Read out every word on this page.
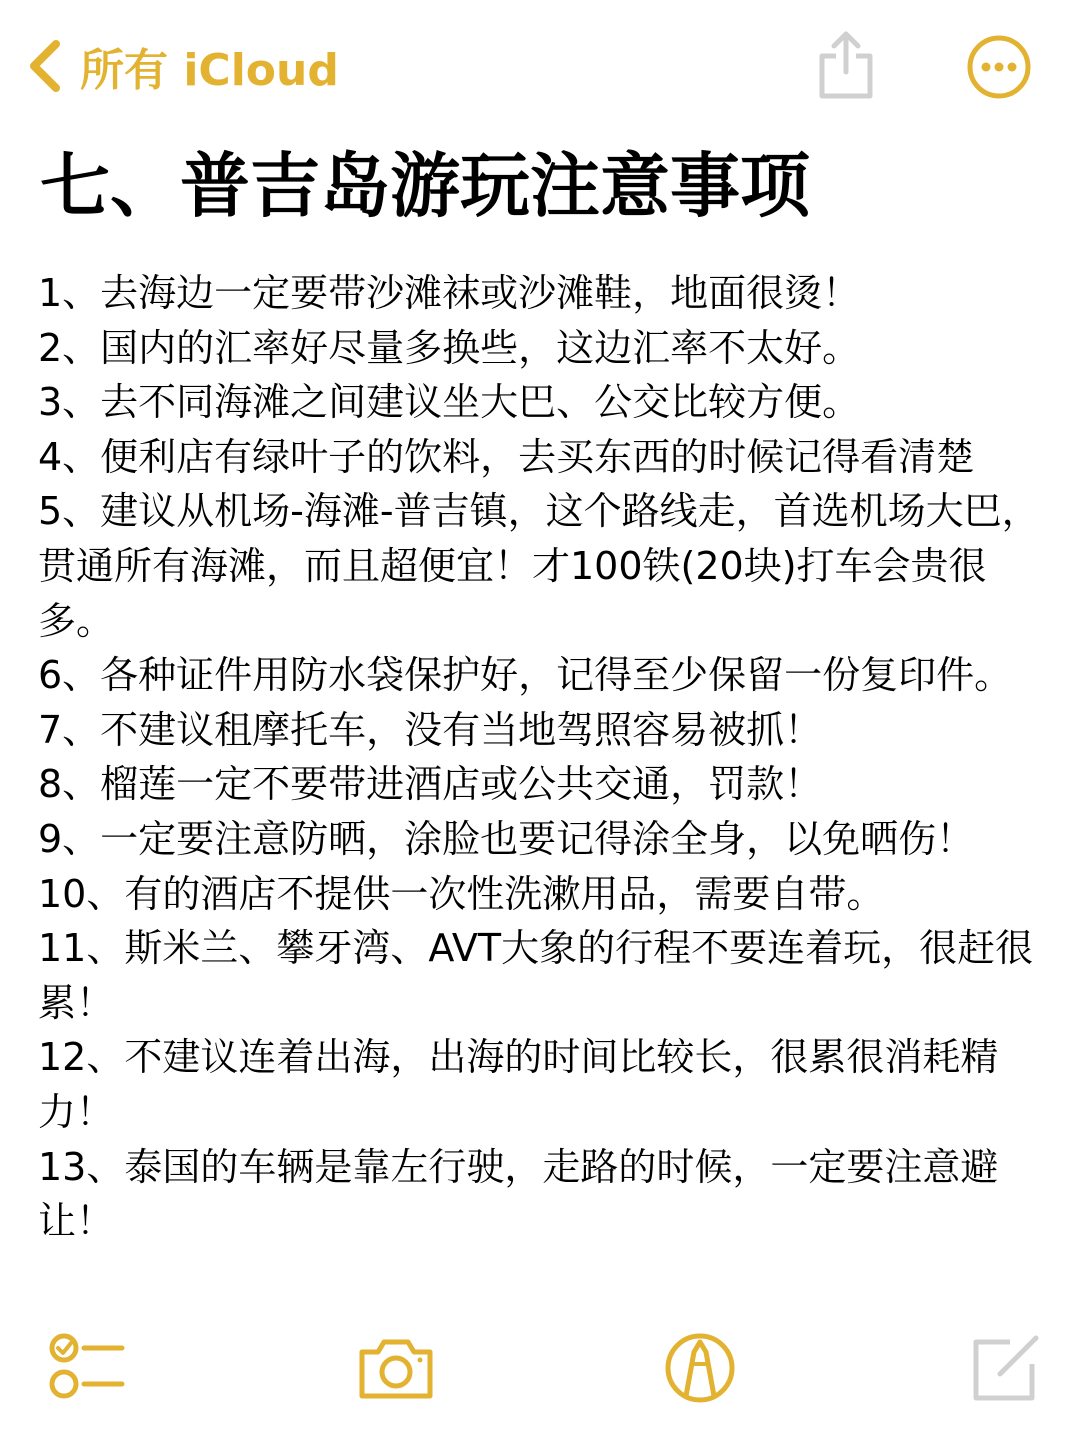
所有 iCloud
七、普吉岛游玩注意事项

1、去海边一定要带沙滩袜或沙滩鞋，地面很烫！

2、国内的汇率好尽量多换些，这边汇率不太好。

3、去不同海滩之间建议坐大巴、公交比较方便。

4、便利店有绿叶子的饮料，去买东西的时候记得看清楚

5、建议从机场-海滩-普吉镇，这个路线走，首选机场大巴，贯通所有海滩，而且超便宜！才100铁(20块)打车会贵很多。

6、各种证件用防水袋保护好，记得至少保留一份复印件。

7、不建议租摩托车，没有当地驾照容易被抓！

8、榴莲一定不要带进酒店或公共交通，罚款！

9、一定要注意防晒，涂脸也要记得涂全身，以免晒伤！

10、有的酒店不提供一次性洗漱用品，需要自带。

11、斯米兰、攀牙湾、AVT大象的行程不要连着玩，很赶很累！

12、不建议连着出海，出海的时间比较长，很累很消耗精力！

13、泰国的车辆是靠左行驶，走路的时候，一定要注意避让！
